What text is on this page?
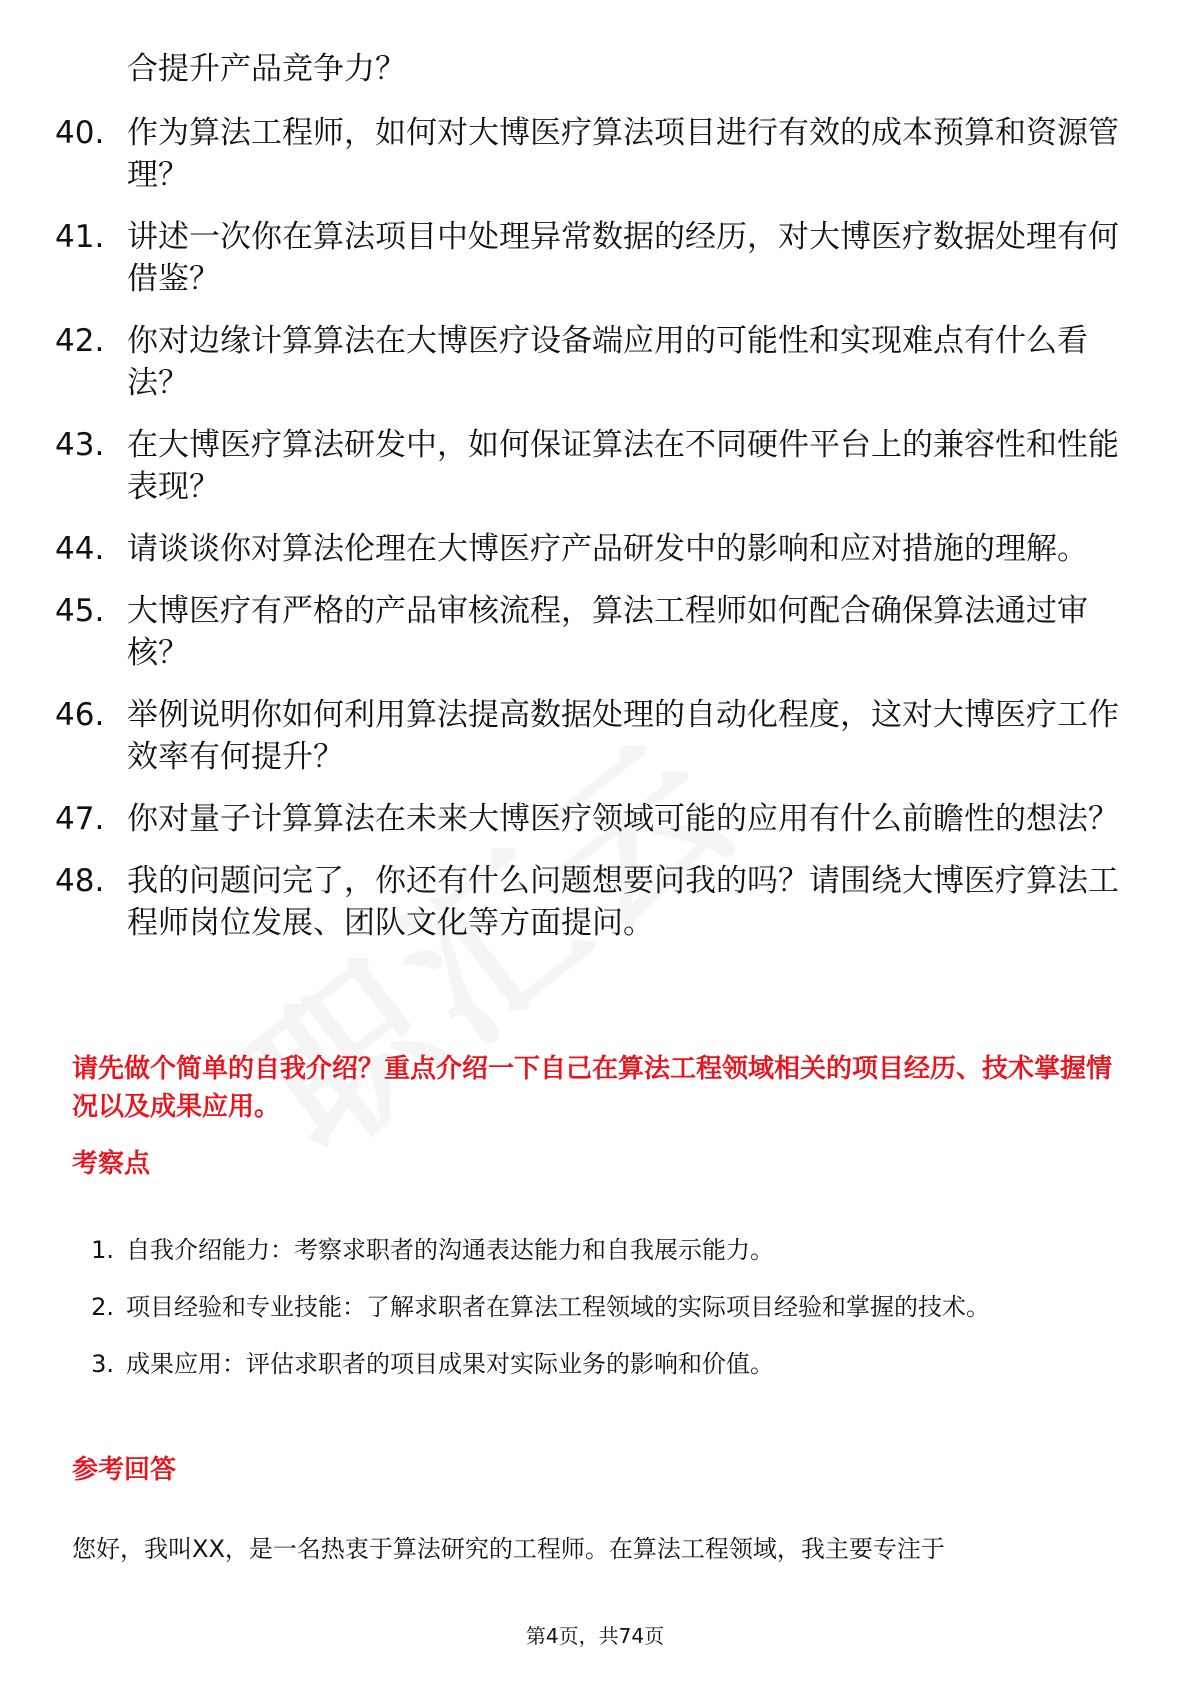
合提升产品竞争力？
40. 作为算法工程师，如何对大博医疗算法项目进行有效的成本预算和资源管理？
41. 讲述一次你在算法项目中处理异常数据的经历，对大博医疗数据处理有何借鉴？
42. 你对边缘计算算法在大博医疗设备端应用的可能性和实现难点有什么看法？
43. 在大博医疗算法研发中，如何保证算法在不同硬件平台上的兼容性和性能表现？
44. 请谈谈你对算法伦理在大博医疗产品研发中的影响和应对措施的理解。
45. 大博医疗有严格的产品审核流程，算法工程师如何配合确保算法通过审核？
46. 举例说明你如何利用算法提高数据处理的自动化程度，这对大博医疗工作效率有何提升？
47. 你对量子计算算法在未来大博医疗领域可能的应用有什么前瞻性的想法？
48. 我的问题问完了，你还有什么问题想要问我的吗？请围绕大博医疗算法工程师岗位发展、团队文化等方面提问。
请先做个简单的自我介绍？重点介绍一下自己在算法工程领域相关的项目经历、技术掌握情况以及成果应用。
考察点
1. 自我介绍能力：考察求职者的沟通表达能力和自我展示能力。
2. 项目经验和专业技能：了解求职者在算法工程领域的实际项目经验和掌握的技术。
3. 成果应用：评估求职者的项目成果对实际业务的影响和价值。
参考回答
您好，我叫XX，是一名热衷于算法研究的工程师。在算法工程领域，我主要专注于
第4页，共74页
